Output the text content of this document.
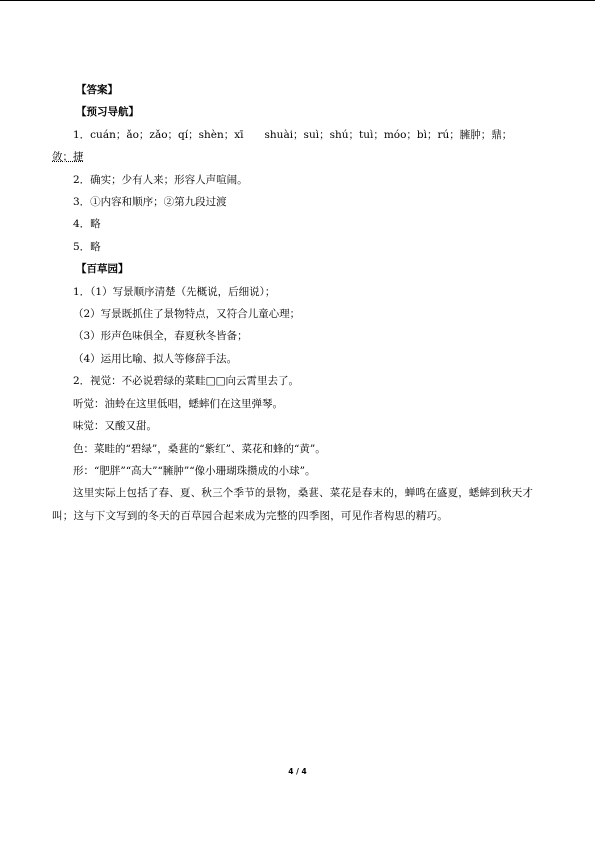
【答案】
【预习导航】
1．cuán；ǎo；zǎo；qí；shèn；xī　　shuài；suì；shú；tuì；móo；bì；rú；臃肿；鼎；
敛；捷
2．确实；少有人来；形容人声喧闹。
3．①内容和顺序；②第九段过渡
4．略
5．略
【百草园】
1．（1）写景顺序清楚（先概说，后细说）；
（2）写景既抓住了景物特点，又符合儿童心理；
（3）形声色味俱全，春夏秋冬皆备；
（4）运用比喻、拟人等修辞手法。
2．视觉：不必说碧绿的菜畦□□向云霄里去了。
听觉：油蛉在这里低唱，蟋蟀们在这里弹琴。
味觉：又酸又甜。
色：菜畦的“碧绿”，桑葚的“紫红”、菜花和蜂的“黄”。
形：“肥胖”“高大”“臃肿”“像小珊瑚珠攒成的小球”。
这里实际上包括了春、夏、秋三个季节的景物，桑葚、菜花是春末的，蝉鸣在盛夏，蟋蟀到秋天才叫；这与下文写到的冬天的百草园合起来成为完整的四季图，可见作者构思的精巧。
4 / 4
